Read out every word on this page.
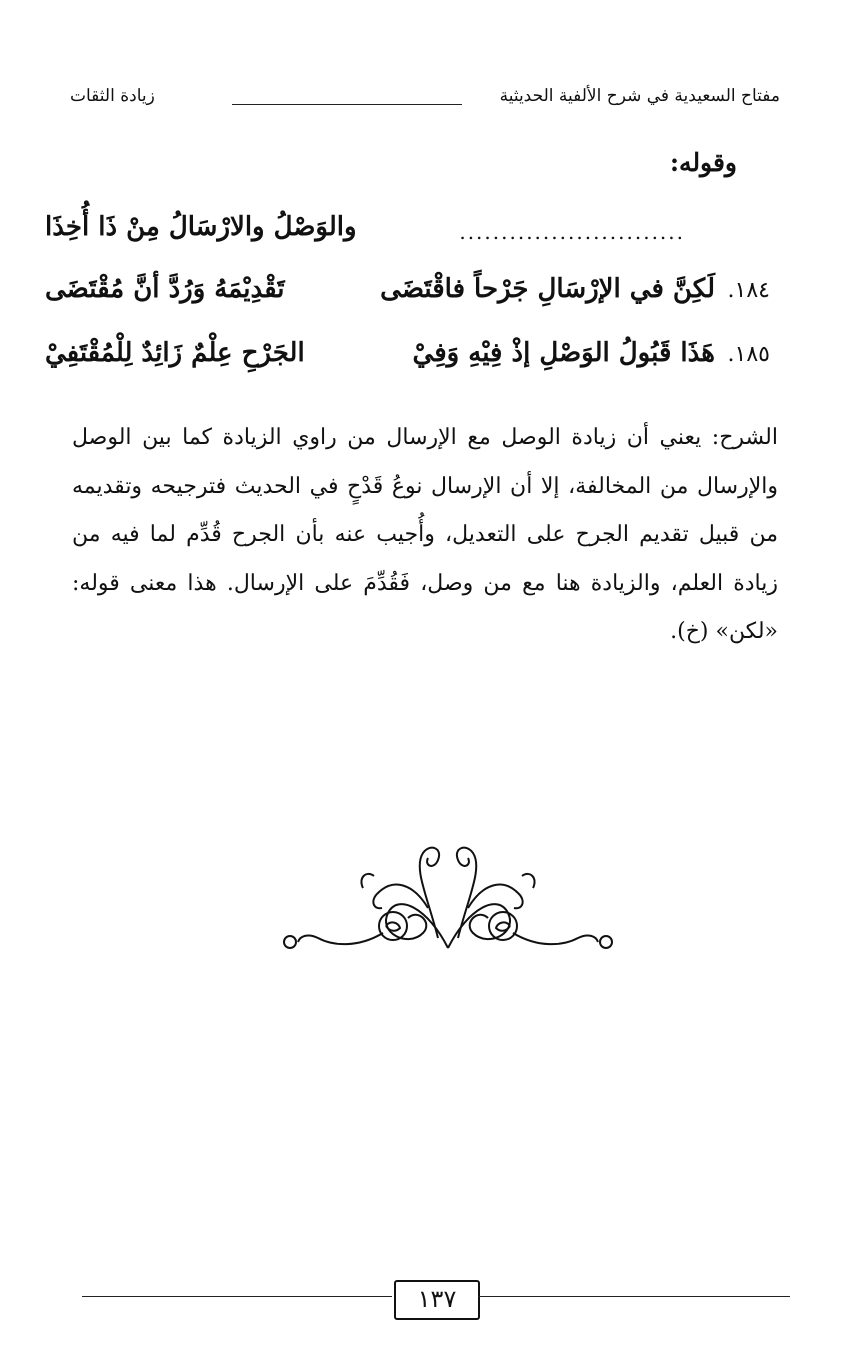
مفتاح السعيدية في شرح الألفية الحديثية
زيادة الثقات
وقوله:
...........................
والوَصْلُ والارْسَالُ مِنْ ذَا أُخِذَا
١٨٤.
لَكِنَّ في الإرْسَالِ جَرْحاً فاقْتَضَى
تَقْدِيْمَهُ وَرُدَّ أنَّ مُقْتَضَى
١٨٥.
هَذَا قَبُولُ الوَصْلِ إذْ فِيْهِ وَفِيْ
الجَرْحِ عِلْمٌ زَائِدٌ لِلْمُقْتَفِيْ

الشرح: يعني أن زيادة الوصل مع الإرسال من راوي الزيادة كما بين الوصل والإرسال من المخالفة، إلا أن الإرسال نوعُ قَدْحٍ في الحديث فترجيحه وتقديمه من قبيل تقديم الجرح على التعديل، وأُجيب عنه بأن الجرح قُدِّم لما فيه من زيادة العلم، والزيادة هنا مع من وصل، فَقُدِّمَ على الإرسال. هذا معنى قوله: «لكن» (خ).

١٣٧
